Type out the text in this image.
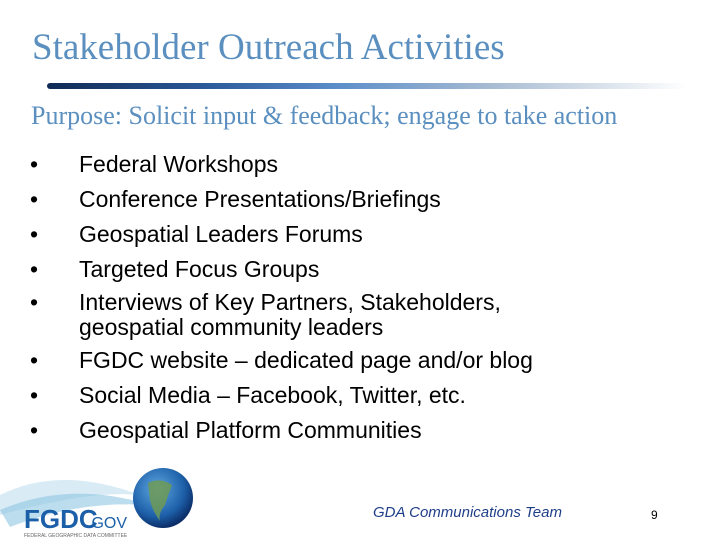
Stakeholder Outreach Activities
Purpose: Solicit input & feedback; engage to take action
• Federal Workshops
• Conference Presentations/Briefings
• Geospatial Leaders Forums
• Targeted Focus Groups
• Interviews of Key Partners, Stakeholders, geospatial community leaders
• FGDC website – dedicated page and/or blog
• Social Media – Facebook, Twitter, etc.
• Geospatial Platform Communities
FGDC
.GOV
FEDERAL GEOGRAPHIC DATA COMMITTEE
GDA Communications Team	9
